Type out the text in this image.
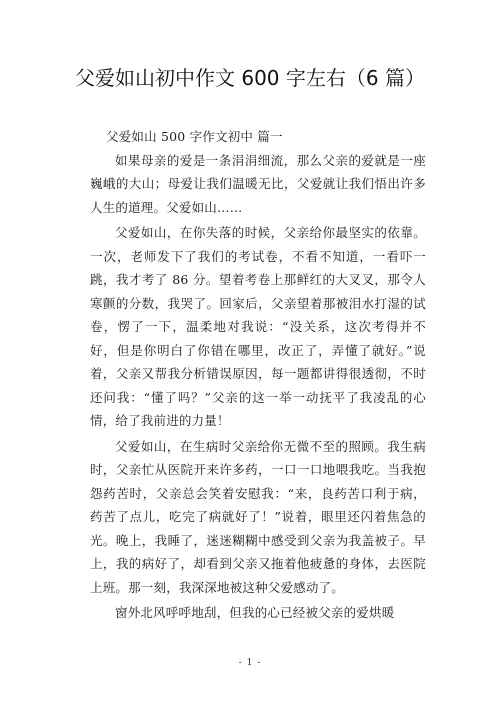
父爱如山初中作文 600 字左右（6 篇）

父爱如山 500 字作文初中 篇一

如果母亲的爱是一条涓涓细流，那么父亲的爱就是一座巍峨的大山；母爱让我们温暖无比，父爱就让我们悟出许多人生的道理。父爱如山……

父爱如山，在你失落的时候，父亲给你最坚实的依靠。一次，老师发下了我们的考试卷，不看不知道，一看吓一跳，我才考了 86 分。望着考卷上那鲜红的大叉叉，那令人寒颤的分数，我哭了。回家后，父亲望着那被泪水打湿的试卷，愣了一下，温柔地对我说：“没关系，这次考得并不好，但是你明白了你错在哪里，改正了，弄懂了就好。”说着，父亲又帮我分析错误原因，每一题都讲得很透彻，不时还问我：“懂了吗？”父亲的这一举一动抚平了我凌乱的心情，给了我前进的力量！

父爱如山，在生病时父亲给你无微不至的照顾。我生病时，父亲忙从医院开来许多药，一口一口地喂我吃。当我抱怨药苦时，父亲总会笑着安慰我：“来，良药苦口利于病，药苦了点儿，吃完了病就好了！”说着，眼里还闪着焦急的光。晚上，我睡了，迷迷糊糊中感受到父亲为我盖被子。早上，我的病好了，却看到父亲又拖着他疲惫的身体，去医院上班。那一刻，我深深地被这种父爱感动了。

窗外北风呼呼地刮，但我的心已经被父亲的爱烘暖

- 1 -
